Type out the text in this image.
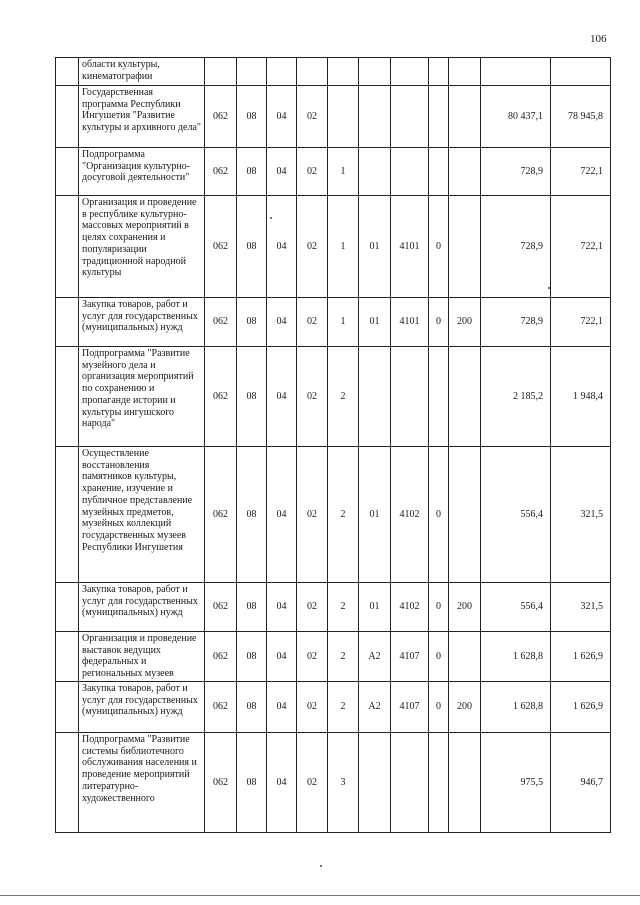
106
	области культуры, кинематографии											
	Государственная программа Республики Ингушетия "Развитие культуры и архивного дела"	062	08	04	02						80 437,1	78 945,8
	Подпрограмма "Организация культурно-досуговой деятельности"	062	08	04	02	1					728,9	722,1
	Организация и проведение в республике культурно-массовых мероприятий в целях сохранения и популяризации традиционной народной культуры	062	08	04	02	1	01	4101	0		728,9	722,1
	Закупка товаров, работ и услуг для государственных (муниципальных) нужд	062	08	04	02	1	01	4101	0	200	728,9	722,1
	Подпрограмма "Развитие музейного дела и организация мероприятий по сохранению и пропаганде истории и культуры ингушского народа"	062	08	04	02	2					2 185,2	1 948,4
	Осуществление восстановления памятников культуры, хранение, изучение и публичное представление музейных предметов, музейных коллекций государственных музеев Республики Ингушетия	062	08	04	02	2	01	4102	0		556,4	321,5
	Закупка товаров, работ и услуг для государственных (муниципальных) нужд	062	08	04	02	2	01	4102	0	200	556,4	321,5
	Организация и проведение выставок ведущих федеральных и региональных музеев	062	08	04	02	2	А2	4107	0		1 628,8	1 626,9
	Закупка товаров, работ и услуг для государственных (муниципальных) нужд	062	08	04	02	2	А2	4107	0	200	1 628,8	1 626,9
	Подпрограмма "Развитие системы библиотечного обслуживания населения и проведение мероприятий литературно-художественного	062	08	04	02	3					975,5	946,7
